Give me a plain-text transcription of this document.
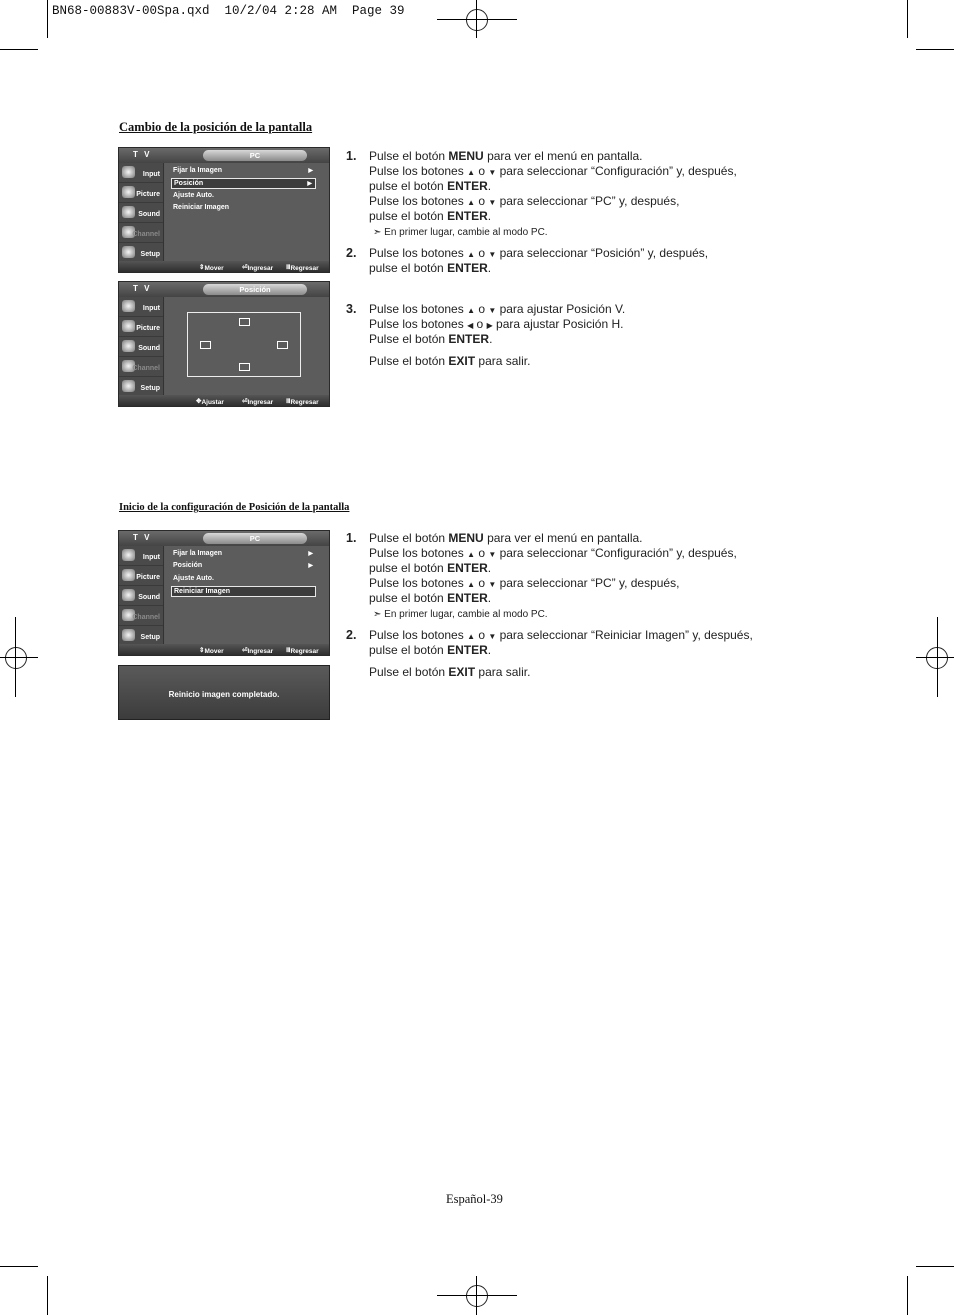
BN68-00883V-00Spa.qxd  10/2/04 2:28 AM  Page 39
Cambio de la posición de la pantalla
T V	PC
Input
Picture
Sound
Channel
Setup
Fijar la Imagen	▶
Posición	▶
Ajuste Auto.
Reiniciar Imagen
⇕ Mover	⏎ Ingresar Ⅲ Regresar
T V	Posición
Input
Picture
Sound
Channel
Setup
✥ Ajustar	⏎ Ingresar Ⅲ Regresar
1. Pulse el botón MENU para ver el menú en pantalla.
Pulse los botones ▲ o ▼ para seleccionar “Configuración” y, después,
pulse el botón ENTER.
Pulse los botones ▲ o ▼ para seleccionar “PC” y, después,
pulse el botón ENTER.
➣ En primer lugar, cambie al modo PC.
2. Pulse los botones ▲ o ▼ para seleccionar “Posición” y, después,
pulse el botón ENTER.
3. Pulse los botones ▲ o ▼ para ajustar Posición V.
Pulse los botones ◀ o ▶ para ajustar Posición H.
Pulse el botón ENTER.
Pulse el botón EXIT para salir.
Inicio de la configuración de Posición de la pantalla
T V	PC
Input
Picture
Sound
Channel
Setup
Fijar la Imagen	▶
Posición	▶
Ajuste Auto.
Reiniciar Imagen
⇕ Mover	⏎ Ingresar Ⅲ Regresar
Reinicio imagen completado.
1. Pulse el botón MENU para ver el menú en pantalla.
Pulse los botones ▲ o ▼ para seleccionar “Configuración” y, después,
pulse el botón ENTER.
Pulse los botones ▲ o ▼ para seleccionar “PC” y, después,
pulse el botón ENTER.
➣ En primer lugar, cambie al modo PC.
2. Pulse los botones ▲ o ▼ para seleccionar “Reiniciar Imagen” y, después,
pulse el botón ENTER.
Pulse el botón EXIT para salir.
Español-39
